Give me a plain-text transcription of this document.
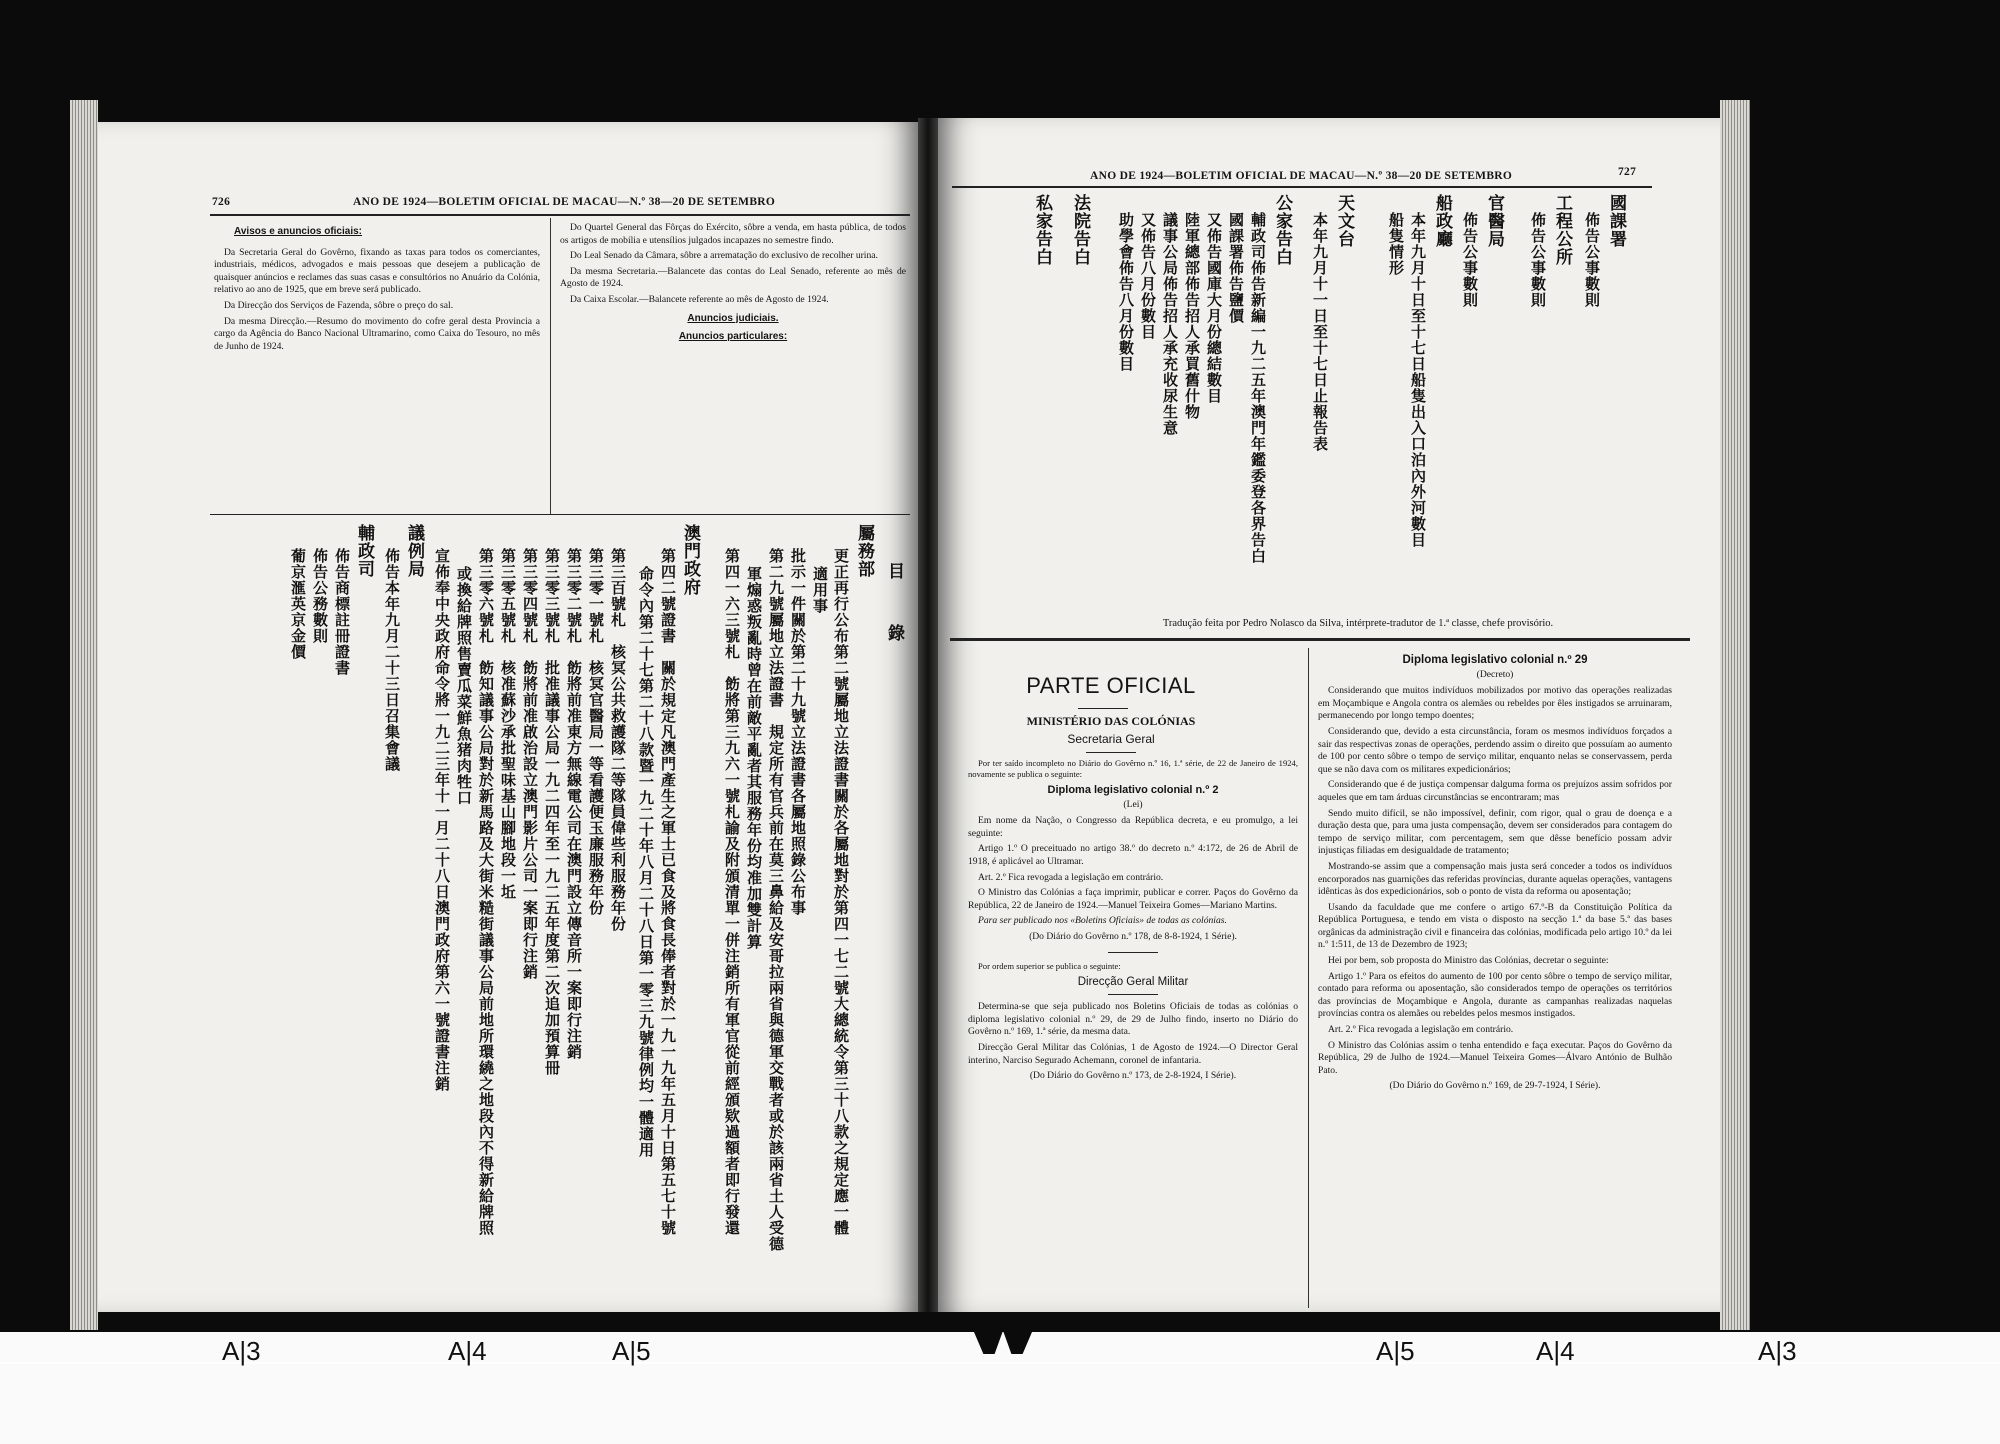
726	ANO DE 1924—BOLETIM OFICIAL DE MACAU—N.º 38—20 DE SETEMBRO
Avisos e anuncios oficiais:

Da Secretaria Geral do Govêrno, fixando as taxas para todos os comerciantes, industriais, médicos, advogados e mais pessoas que desejem a publicação de quaisquer anúncios e reclames das suas casas e consultórios no Anuário da Colónia, relativo ao ano de 1925, que em breve será publicado.

Da Direcção dos Serviços de Fazenda, sôbre o preço do sal.

Da mesma Direcção.—Resumo do movimento do cofre geral desta Provincia a cargo da Agência do Banco Nacional Ultramarino, como Caixa do Tesouro, no mês de Junho de 1924.

Do Quartel General das Fôrças do Exército, sôbre a venda, em hasta pública, de todos os artigos de mobília e utensílios julgados incapazes no semestre findo.

Do Leal Senado da Câmara, sôbre a arrematação do exclusivo de recolher urina.

Da mesma Secretaria.—Balancete das contas do Leal Senado, referente ao mês de Agosto de 1924.

Da Caixa Escolar.—Balancete referente ao mês de Agosto de 1924.

Anuncios judiciais.
Anuncios particulares:
目　錄
屬務部
更正再行公布第二號屬地立法證書關於各屬地對於第四一七二號大總統令第三十八款之規定應一體
適用事
批示一件關於第二十九號立法證書各屬地照錄公布事
第二九號屬地立法證書　規定所有官兵前在莫三鼻給及安哥拉兩省與德軍交戰者或於該兩省土人受德
軍煽惑叛亂時曾在前敵平亂者其服務年份均准加雙計算
第四一六三號札　飭將第三九六一號札諭及附頒清單一併注銷所有軍官從前經頒欵過額者即行發還
澳門政府
第四二號證書　關於規定凡澳門產生之軍士已食及將食長俸者對於一九一九年五月十日第五七十號
命令內第二十七第二十八款暨一九二十年八月二十八日第一零三九號律例均一體適用
第三百號札　核冥公共救護隊二等隊員偉些利服務年份
第三零一號札　核冥官醫局一等看護便玉廉服務年份
第三零二號札　飭將前准東方無線電公司在澳門設立傳音所一案即行注銷
第三零三號札　批准議事公局一九二四年至一九二五年度第二次追加預算冊
第三零四號札　飭將前准啟治設立澳門影片公司一案即行注銷
第三零五號札　核准蘇沙承批聖味基山腳地段一坵
第三零六號札　飭知議事公局對於新馬路及大街米糙街議事公局前地所環繞之地段內不得新給牌照
或換給牌照售賣瓜菜鮮魚猪肉牲口
宣佈奉中央政府命令將一九二三年十一月二十八日澳門政府第六一號證書注銷
議例局
佈告本年九月二十三日召集會議
輔政司
佈告商標註冊證書
佈告公務數則
葡京滙英京金價
ANO DE 1924—BOLETIM OFICIAL DE MACAU—N.º 38—20 DE SETEMBRO	727
國課署
佈告公事數則
工程公所
佈告公事數則
官醫局
佈告公事數則
船政廳
本年九月十日至十七日船隻出入口泊內外河數目
船隻情形
天文台
本年九月十一日至十七日止報告表
公家告白
輔政司佈告新編一九二五年澳門年鑑委登各界告白
國課署佈告鹽價
又佈告國庫大月份總結數目
陸軍總部佈告招人承買舊什物
議事公局佈告招人承充收尿生意
又佈告八月份數目
助學會佈告八月份數目
法院告白
私家告白
Tradução feita por Pedro Nolasco da Silva, intérprete-tradutor de 1.ª classe, chefe provisório.
PARTE OFICIAL
MINISTÉRIO DAS COLÓNIAS
Secretaria Geral
Por ter saído incompleto no Diário do Govêrno n.º 16, 1.ª série, de 22 de Janeiro de 1924, novamente se publica o seguinte:
Diploma legislativo colonial n.º 2
(Lei)

Em nome da Nação, o Congresso da República decreta, e eu promulgo, a lei seguinte:

Artigo 1.º O preceituado no artigo 38.º do decreto n.º 4:172, de 26 de Abril de 1918, é aplicável ao Ultramar.

Art. 2.º Fica revogada a legislação em contrário.

O Ministro das Colónias a faça imprimir, publicar e correr. Paços do Govêrno da República, 22 de Janeiro de 1924.—Manuel Teixeira Gomes—Mariano Martins.

Para ser publicado nos «Boletins Oficiais» de todas as colónias.

(Do Diário do Govêrno n.º 178, de 8-8-1924, 1 Série).

Por ordem superior se publica o seguinte:
Direcção Geral Militar

Determina-se que seja publicado nos Boletins Oficiais de todas as colónias o diploma legislativo colonial n.º 29, de 29 de Julho findo, inserto no Diário do Govêrno n.º 169, 1.ª série, da mesma data.

Direcção Geral Militar das Colónias, 1 de Agosto de 1924.—O Director Geral interino, Narciso Segurado Achemann, coronel de infantaria.

(Do Diário do Govêrno n.º 173, de 2-8-1924, I Série).

Diploma legislativo colonial n.º 29
(Decreto)

Considerando que muitos indivíduos mobilizados por motivo das operações realizadas em Moçambique e Angola contra os alemães ou rebeldes por êles instigados se arruinaram, permanecendo por longo tempo doentes;

Considerando que, devido a esta circunstância, foram os mesmos indivíduos forçados a sair das respectivas zonas de operações, perdendo assim o direito que possuíam ao aumento de 100 por cento sôbre o tempo de serviço militar, enquanto nelas se conservassem, perda que se não dava com os militares expedicionários;

Considerando que é de justiça compensar dalguma forma os prejuízos assim sofridos por aqueles que em tam árduas circunstâncias se encontraram; mas

Sendo muito difícil, se não impossível, definir, com rigor, qual o grau de doença e a duração desta que, para uma justa compensação, devem ser considerados para contagem do tempo de serviço militar, com percentagem, sem que dêsse benefício possam advir injustiças filiadas em desigualdade de tratamento;

Mostrando-se assim que a compensação mais justa será conceder a todos os indivíduos encorporados nas guarnições das referidas províncias, durante aquelas operações, vantagens idênticas às dos expedicionários, sob o ponto de vista da reforma ou aposentação;

Usando da faculdade que me confere o artigo 67.º-B da Constituição Política da República Portuguesa, e tendo em vista o disposto na secção 1.ª da base 5.ª das bases orgânicas da administração civil e financeira das colónias, modificada pelo artigo 10.º da lei n.º 1:511, de 13 de Dezembro de 1923;

Hei por bem, sob proposta do Ministro das Colónias, decretar o seguinte:

Artigo 1.º Para os efeitos do aumento de 100 por cento sôbre o tempo de serviço militar, contado para reforma ou aposentação, são considerados tempo de operações os territórios das províncias de Moçambique e Angola, durante as campanhas realizadas naquelas províncias contra os alemães ou rebeldes pelos mesmos instigados.

Art. 2.º Fica revogada a legislação em contrário.

O Ministro das Colónias assim o tenha entendido e faça executar. Paços do Govêrno da República, 29 de Julho de 1924.—Manuel Teixeira Gomes—Álvaro António de Bulhão Pato.

(Do Diário do Govêrno n.º 169, de 29-7-1924, I Série).

A|3	A|4	A|5	A|5	A|4	A|3
